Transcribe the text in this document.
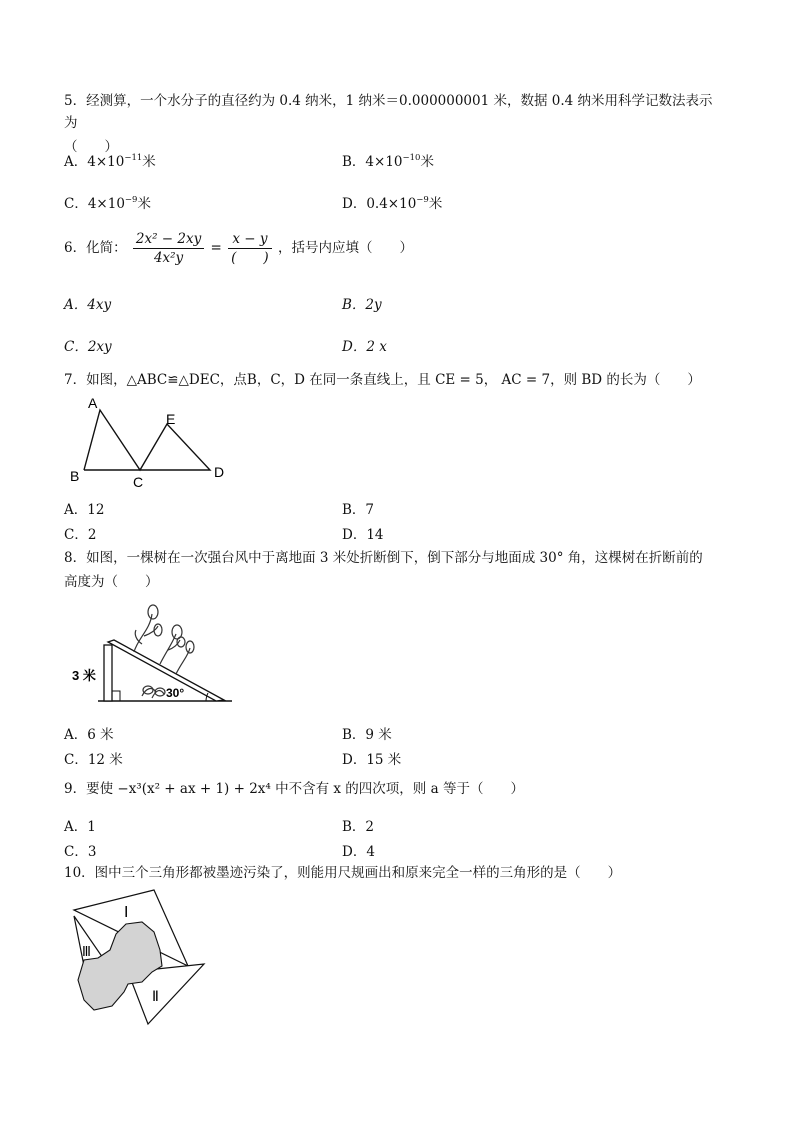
5．经测算，一个水分子的直径约为 0.4 纳米，1 纳米＝0.000000001 米，数据 0.4 纳米用科学记数法表示为
（　　）
A．$4\times 10^{-11}$米	B．$4\times 10^{-10}$米
C．$4\times 10^{-9}$米	D．$0.4\times 10^{-9}$米
6．化简： $\frac{\text{2x² − 2xy}}{\text{4x²y}} = \frac{x - y}{( )}$ ，括号内应填（　　）
A．4xy	B．2y
C．2xy	D．2 x
7．如图，△ABC≌△DEC，点B，C，D 在同一条直线上，且 CE = 5， AC = 7，则 BD 的长为（　　）
A
B	C
D
E
A．12	B．7
C．2	D．14
8．如图，一棵树在一次强台风中于离地面 3 米处折断倒下，倒下部分与地面成 30° 角，这棵树在折断前的
高度为（　　）
3 米
30°
A．6 米	B．9 米
C．12 米	D．15 米
9．要使 −x³(x² + ax + 1) + 2x⁴ 中不含有 x 的四次项，则 a 等于（　　）
A．1	B．2
C．3	D．4
10．图中三个三角形都被墨迹污染了，则能用尺规画出和原来完全一样的三角形的是（　　）
Ⅰ
Ⅲ
Ⅱ
